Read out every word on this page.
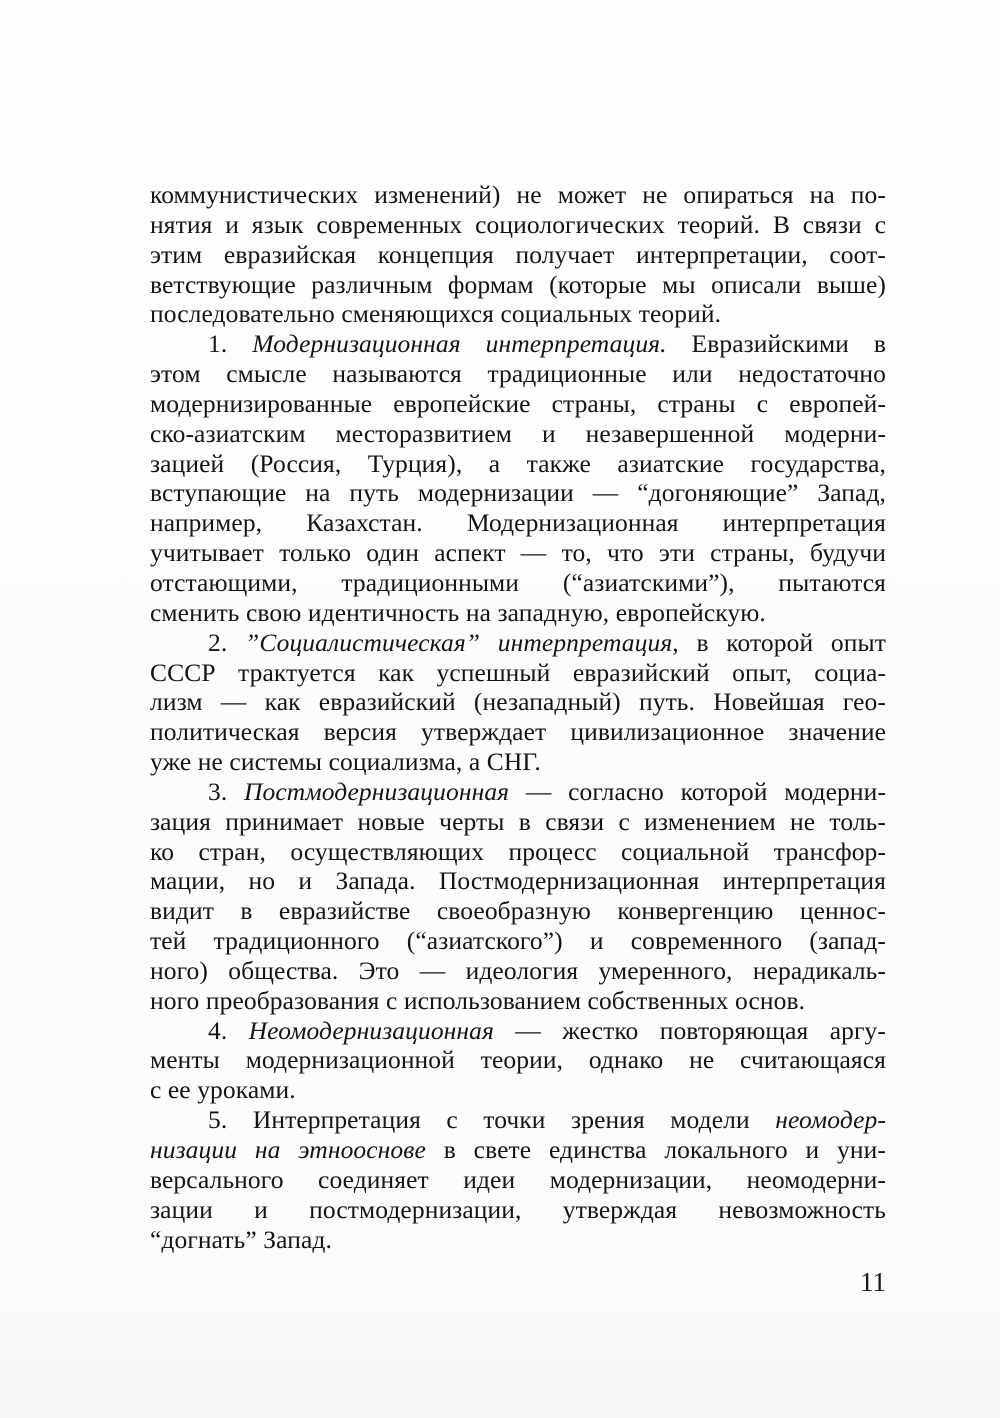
коммунистических изменений) не может не опираться на по-
нятия и язык современных социологических теорий. В связи с
этим евразийская концепция получает интерпретации, соот-
ветствующие различным формам (которые мы описали выше)
последовательно сменяющихся социальных теорий.
1. Модернизационная интерпретация. Евразийскими в
этом смысле называются традиционные или недостаточно
модернизированные европейские страны, страны с европей-
ско-азиатским месторазвитием и незавершенной модерни-
зацией (Россия, Турция), а также азиатские государства,
вступающие на путь модернизации — “догоняющие” Запад,
например, Казахстан. Модернизационная интерпретация
учитывает только один аспект — то, что эти страны, будучи
отстающими, традиционными (“азиатскими”), пытаются
сменить свою идентичность на западную, европейскую.
2. ”Социалистическая” интерпретация, в которой опыт
СССР трактуется как успешный евразийский опыт, социа-
лизм — как евразийский (незападный) путь. Новейшая гео-
политическая версия утверждает цивилизационное значение
уже не системы социализма, а СНГ.
3. Постмодернизационная — согласно которой модерни-
зация принимает новые черты в связи с изменением не толь-
ко стран, осуществляющих процесс социальной трансфор-
мации, но и Запада. Постмодернизационная интерпретация
видит в евразийстве своеобразную конвергенцию ценнос-
тей традиционного (“азиатского”) и современного (запад-
ного) общества. Это — идеология умеренного, нерадикаль-
ного преобразования с использованием собственных основ.
4. Неомодернизационная — жестко повторяющая аргу-
менты модернизационной теории, однако не считающаяся
с ее уроками.
5. Интерпретация с точки зрения модели неомодер-
низации на этнооснове в свете единства локального и уни-
версального соединяет идеи модернизации, неомодерни-
зации и постмодернизации, утверждая невозможность
“догнать” Запад.
11
